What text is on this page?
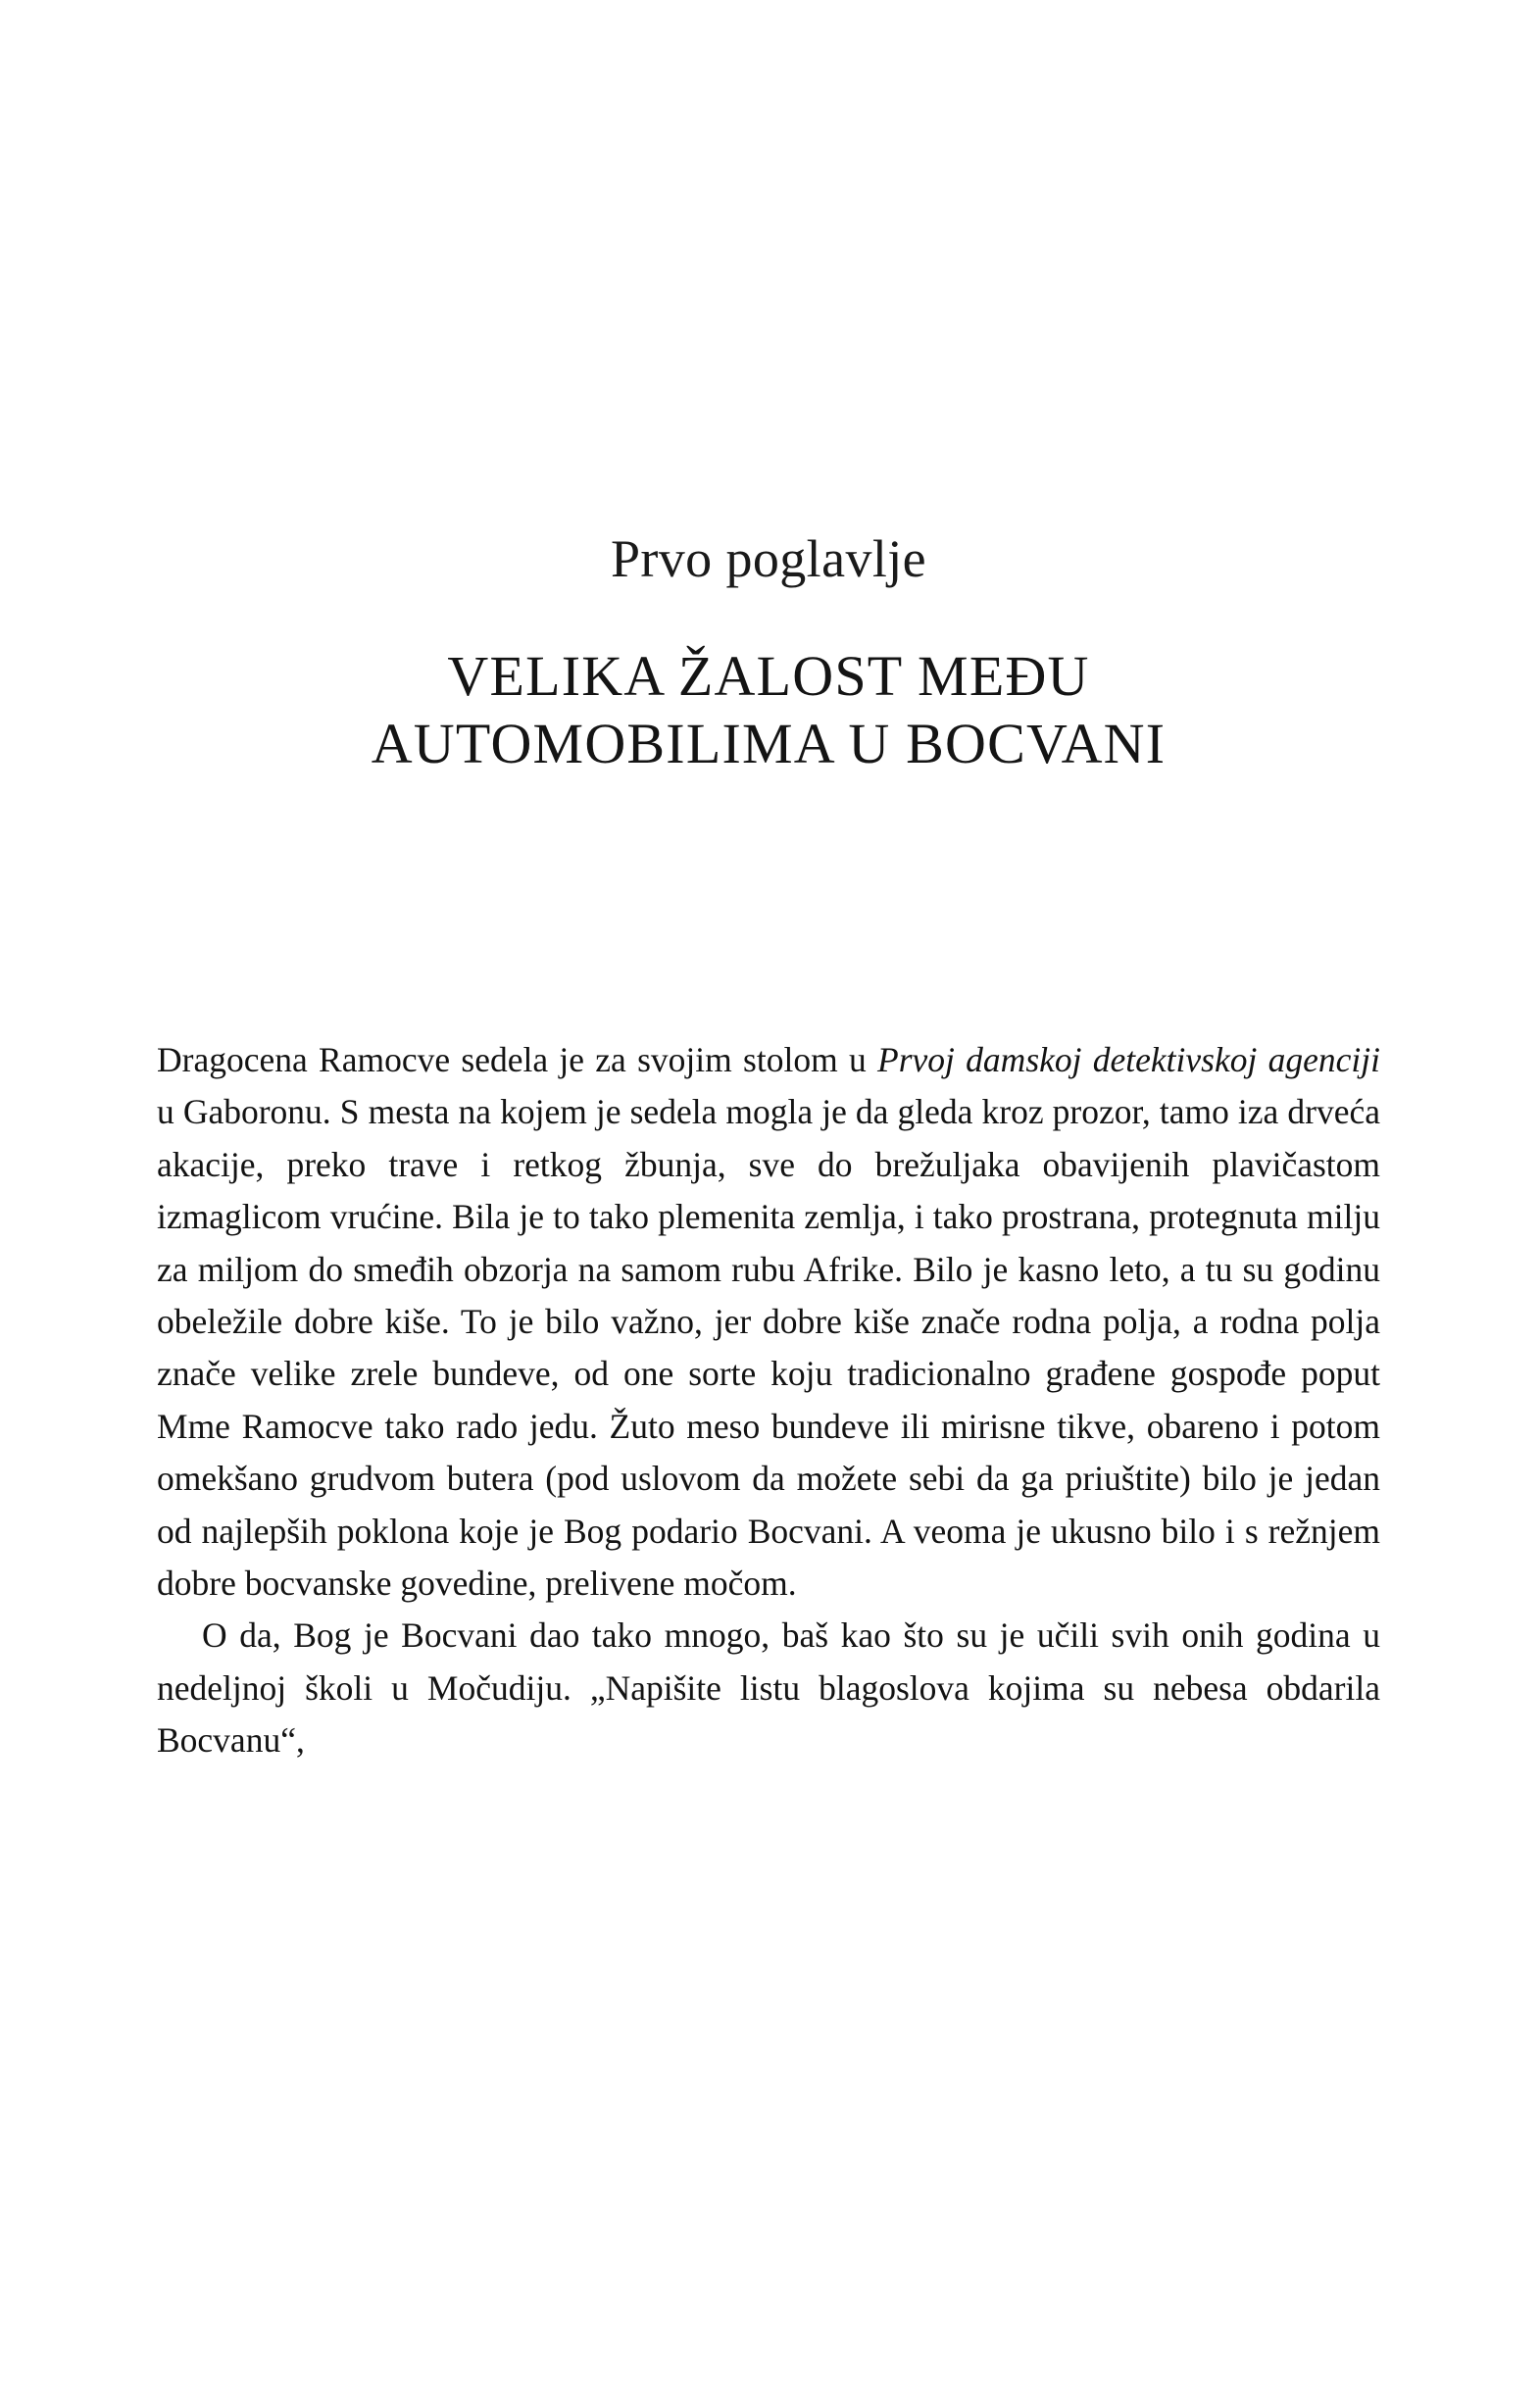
Prvo poglavlje
VELIKA ŽALOST MEĐU
AUTOMOBILIMA U BOCVANI

Dragocena Ramocve sedela je za svojim stolom u Prvoj damskoj detektivskoj agenciji u Gaboronu. S mesta na kojem je sedela mogla je da gleda kroz prozor, tamo iza drveća akacije, preko trave i retkog žbunja, sve do brežuljaka obavijenih plavičastom izmaglicom vrućine. Bila je to tako plemenita zemlja, i tako prostrana, protegnuta milju za miljom do smeđih obzorja na samom rubu Afrike. Bilo je kasno leto, a tu su godinu obeležile dobre kiše. To je bilo važno, jer dobre kiše znače rodna polja, a rodna polja znače velike zrele bundeve, od one sorte koju tradicionalno građene gospođe poput Mme Ramocve tako rado jedu. Žuto meso bundeve ili mirisne tikve, obareno i potom omekšano grudvom butera (pod uslovom da možete sebi da ga priuštite) bilo je jedan od najlepših poklona koje je Bog podario Bocvani. A veoma je ukusno bilo i s režnjem dobre bocvanske govedine, prelivene močom.

O da, Bog je Bocvani dao tako mnogo, baš kao što su je učili svih onih godina u nedeljnoj školi u Močudiju. „Napišite listu blagoslova kojima su nebesa obdarila Bocvanu“,
